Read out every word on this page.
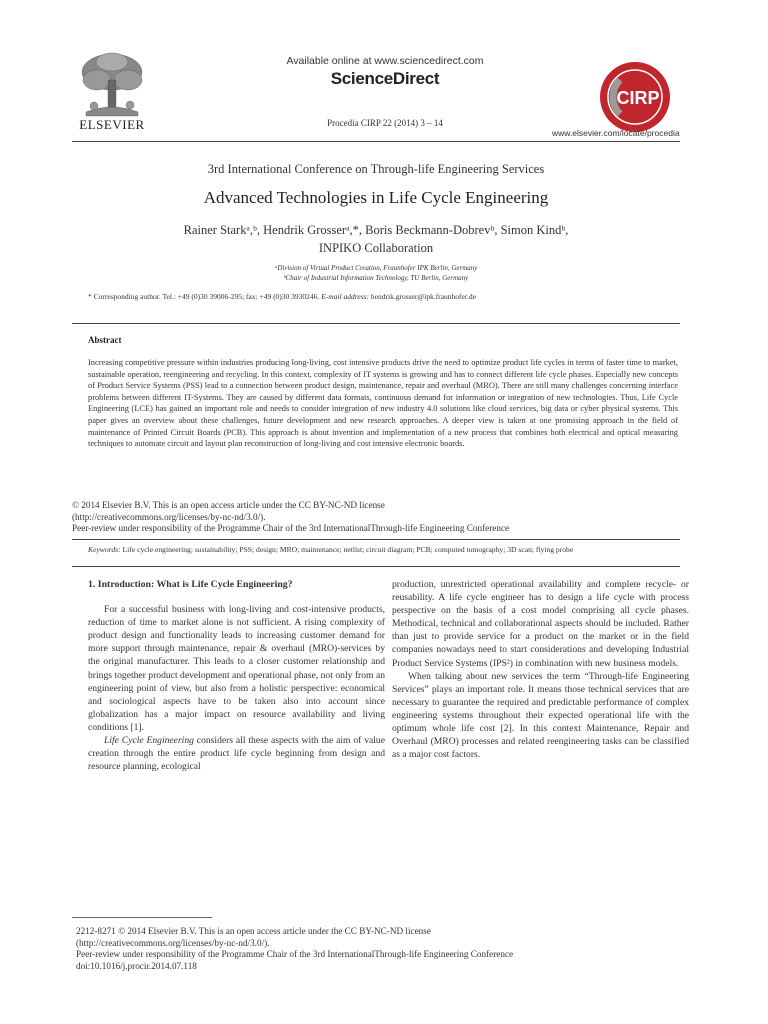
ELSEVIER
Available online at www.sciencedirect.com
ScienceDirect
Procedia CIRP 22 (2014) 3 – 14
CIRP
www.elsevier.com/locate/procedia
3rd International Conference on Through-life Engineering Services
Advanced Technologies in Life Cycle Engineering
Rainer Starkᵃ,ᵇ, Hendrik Grosserᵃ,*, Boris Beckmann-Dobrevᵇ, Simon Kindᵇ,
INPIKO Collaboration
ᵃDivision of Virtual Product Creation, Fraunhofer IPK Berlin, Germany
ᵇChair of Industrial Information Technology, TU Berlin, Germany
* Corresponding author. Tel.: +49 (0)30 39006-295; fax: +49 (0)30 3930246. E-mail address: hendrik.grosser@ipk.fraunhofer.de
Abstract
Increasing competitive pressure within industries producing long-living, cost intensive products drive the need to optimize product life cycles in terms of faster time to market, sustainable operation, reengineering and recycling. In this context, complexity of IT systems is growing and has to connect different life cycle phases. Especially new concepts of Product Service Systems (PSS) lead to a connection between product design, maintenance, repair and overhaul (MRO). There are still many challenges concerning interface problems between different IT-Systems. They are caused by different data formats, continuous demand for information or integration of new technologies. Thus, Life Cycle Engineering (LCE) has gained an important role and needs to consider integration of new industry 4.0 solutions like cloud services, big data or cyber physical systems. This paper gives an overview about these challenges, future development and new research approaches. A deeper view is taken at one promising approach in the field of maintenance of Printed Circuit Boards (PCB). This approach is about invention and implementation of a new process that combines both electrical and optical measuring techniques to automate circuit and layout plan reconstruction of long-living and cost intensive electronic boards.
© 2014 Elsevier B.V. This is an open access article under the CC BY-NC-ND license
(http://creativecommons.org/licenses/by-nc-nd/3.0/).
Peer-review under responsibility of the Programme Chair of the 3rd InternationalThrough-life Engineering Conference
Keywords: Life cycle engineering; sustainability; PSS; design; MRO; maintenance; netlist; circuit diagram; PCB; computed tomography; 3D scan; flying probe

1. Introduction: What is Life Cycle Engineering?

For a successful business with long-living and cost-intensive products, reduction of time to market alone is not sufficient. A rising complexity of product design and functionality leads to increasing customer demand for more support through maintenance, repair & overhaul (MRO)-services by the original manufacturer. This leads to a closer customer relationship and brings together product development and operational phase, not only from an engineering point of view, but also from a holistic perspective: economical and sociological aspects have to be taken also into account since globalization has a major impact on resource availability and living conditions [1].

Life Cycle Engineering considers all these aspects with the aim of value creation through the entire product life cycle beginning from design and resource planning, ecological

production, unrestricted operational availability and complete recycle- or reusability. A life cycle engineer has to design a life cycle with process perspective on the basis of a cost model comprising all cycle phases. Methodical, technical and collaborational aspects should be included. Rather than just to provide service for a product on the market or in the field companies nowadays need to start considerations and developing Industrial Product Service Systems (IPS²) in combination with new business models.

When talking about new services the term “Through-life Engineering Services” plays an important role. It means those technical services that are necessary to guarantee the required and predictable performance of complex engineering systems throughout their expected operational life with the optimum whole life cost [2]. In this context Maintenance, Repair and Overhaul (MRO) processes and related reengineering tasks can be classified as a major cost factors.

2212-8271 © 2014 Elsevier B.V. This is an open access article under the CC BY-NC-ND license
(http://creativecommons.org/licenses/by-nc-nd/3.0/).
Peer-review under responsibility of the Programme Chair of the 3rd InternationalThrough-life Engineering Conference
doi:10.1016/j.procir.2014.07.118
